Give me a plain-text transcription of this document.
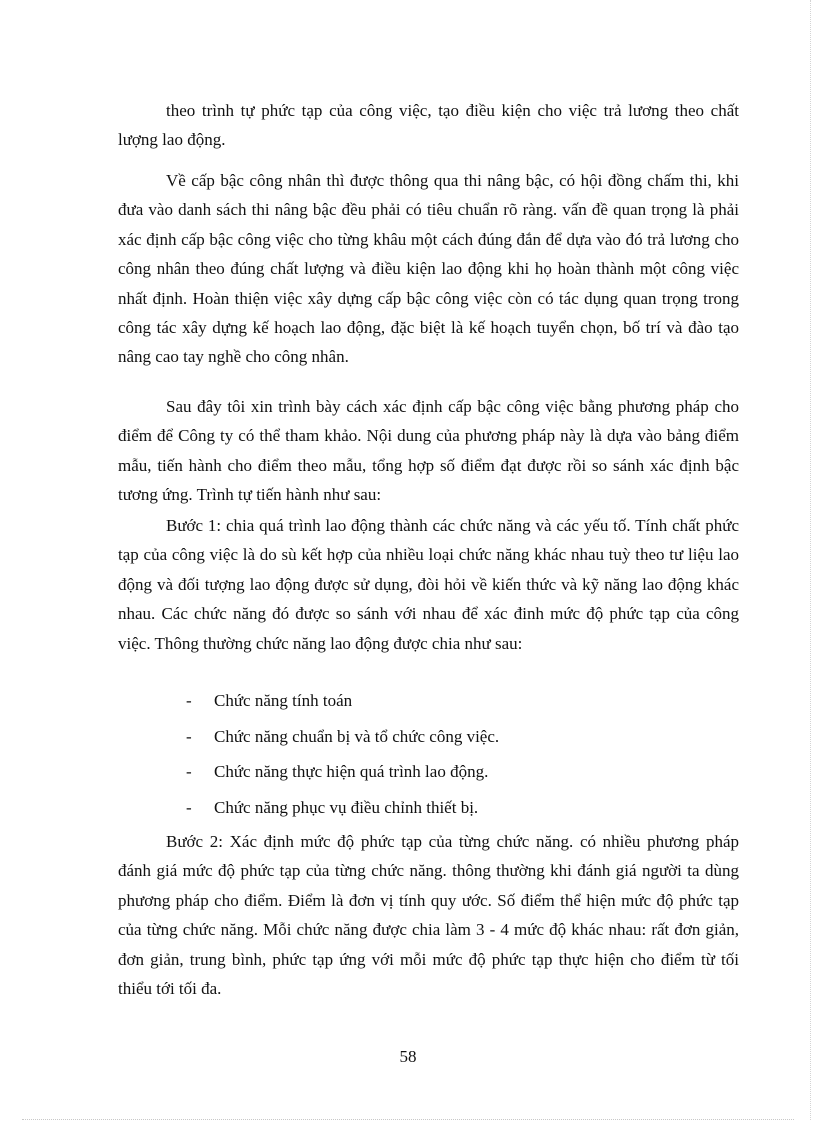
theo trình tự phức tạp của công việc, tạo điều kiện cho việc trả lương theo chất lượng lao động.

Về cấp bậc công nhân thì được thông qua thi nâng bậc, có hội đồng chấm thi, khi đưa vào danh sách thi nâng bậc đều phải có tiêu chuẩn rõ ràng. vấn đề quan trọng là phải xác định cấp bậc công việc cho từng khâu một cách đúng đắn để dựa vào đó trả lương cho công nhân theo đúng chất lượng và điều kiện lao động khi họ hoàn thành một công việc nhất định. Hoàn thiện việc xây dựng cấp bậc công việc còn có tác dụng quan trọng trong công tác xây dựng kế hoạch lao động, đặc biệt là kế hoạch tuyển chọn, bố trí và đào tạo nâng cao tay nghề cho công nhân.

Sau đây tôi xin trình bày cách xác định cấp bậc công việc bằng phương pháp cho điểm để Công ty có thể tham khảo. Nội dung của phương pháp này là dựa vào bảng điểm mẫu, tiến hành cho điểm theo mẫu, tổng hợp số điểm đạt được rồi so sánh xác định bậc tương ứng. Trình tự tiến hành như sau:

Bước 1: chia quá trình lao động thành các chức năng và các yếu tố. Tính chất phức tạp của công việc là do sù kết hợp của nhiều loại chức năng khác nhau tuỳ theo tư liệu lao động và đối tượng lao động được sử dụng, đòi hỏi về kiến thức và kỹ năng lao động khác nhau. Các chức năng đó được so sánh với nhau để xác đinh mức độ phức tạp của công việc. Thông thường chức năng lao động được chia như sau:

- Chức năng tính toán
- Chức năng chuẩn bị và tổ chức công việc.
- Chức năng thực hiện quá trình lao động.
- Chức năng phục vụ điều chỉnh thiết bị.

Bước 2: Xác định mức độ phức tạp của từng chức năng. có nhiều phương pháp đánh giá mức độ phức tạp của từng chức năng. thông thường khi đánh giá người ta dùng phương pháp cho điểm. Điểm là đơn vị tính quy ước. Số điểm thể hiện mức độ phức tạp của từng chức năng. Mỗi chức năng được chia làm 3 - 4 mức độ khác nhau: rất đơn giản, đơn giản, trung bình, phức tạp ứng với mỗi mức độ phức tạp thực hiện cho điểm từ tối thiểu tới tối đa.

58
